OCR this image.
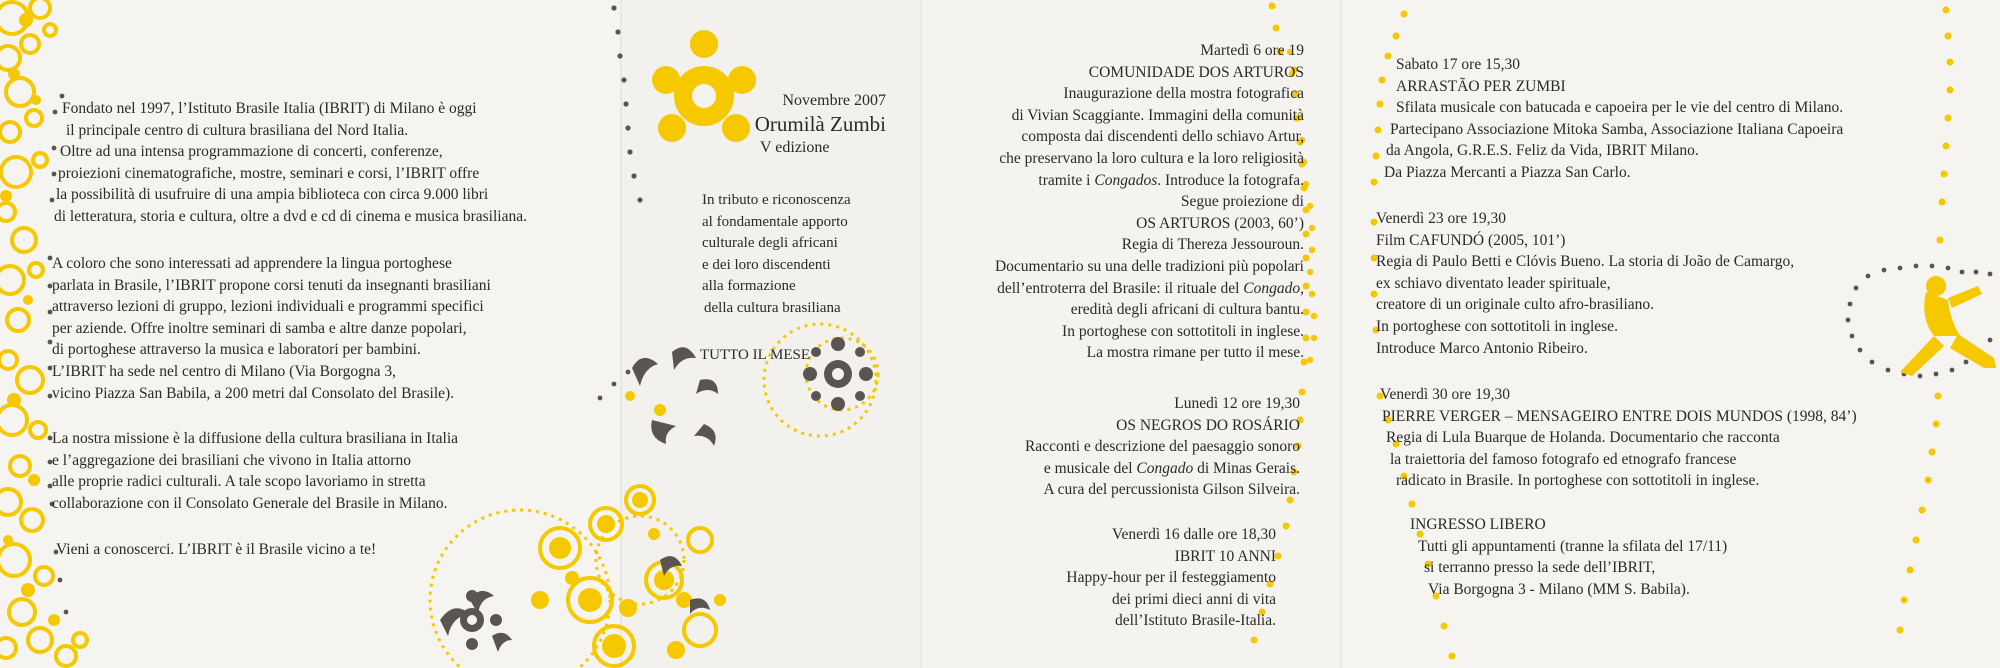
Fondato nel 1997, l’Istituto Brasile Italia (IBRIT) di Milano è oggi
il principale centro di cultura brasiliana del Nord Italia.
Oltre ad una intensa programmazione di concerti, conferenze,
proiezioni cinematografiche, mostre, seminari e corsi, l’IBRIT offre
la possibilità di usufruire di una ampia biblioteca con circa 9.000 libri
di letteratura, storia e cultura, oltre a dvd e cd di cinema e musica brasiliana.
A coloro che sono interessati ad apprendere la lingua portoghese
parlata in Brasile, l’IBRIT propone corsi tenuti da insegnanti brasiliani
attraverso lezioni di gruppo, lezioni individuali e programmi specifici
per aziende. Offre inoltre seminari di samba e altre danze popolari,
di portoghese attraverso la musica e laboratori per bambini.
L’IBRIT ha sede nel centro di Milano (Via Borgogna 3,
vicino Piazza San Babila, a 200 metri dal Consolato del Brasile).
La nostra missione è la diffusione della cultura brasiliana in Italia
e l’aggregazione dei brasiliani che vivono in Italia attorno
alle proprie radici culturali. A tale scopo lavoriamo in stretta
collaborazione con il Consolato Generale del Brasile in Milano.
Vieni a conoscerci. L’IBRIT è il Brasile vicino a te!
Novembre 2007
Orumilà Zumbi
V edizione
In tributo e riconoscenza
al fondamentale apporto
culturale degli africani
e dei loro discendenti
alla formazione
della cultura brasiliana
TUTTO IL MESE
Martedì 6 ore 19
COMUNIDADE DOS ARTUROS
Inaugurazione della mostra fotografica
di Vivian Scaggiante. Immagini della comunità
composta dai discendenti dello schiavo Artur,
che preservano la loro cultura e la loro religiosità
tramite i Congados. Introduce la fotografa.
Segue proiezione di
OS ARTUROS (2003, 60’)
Regia di Thereza Jessouroun.
Documentario su una delle tradizioni più popolari
dell’entroterra del Brasile: il rituale del Congado,
eredità degli africani di cultura bantu.
In portoghese con sottotitoli in inglese.
La mostra rimane per tutto il mese.
Lunedì 12 ore 19,30
OS NEGROS DO ROSÁRIO
Racconti e descrizione del paesaggio sonoro
e musicale del Congado di Minas Gerais.
A cura del percussionista Gilson Silveira.
Venerdì 16 dalle ore 18,30
IBRIT 10 ANNI
Happy-hour per il festeggiamento
dei primi dieci anni di vita
dell’Istituto Brasile-Italia.
Sabato 17 ore 15,30
ARRASTÃO PER ZUMBI
Sfilata musicale con batucada e capoeira per le vie del centro di Milano.
Partecipano Associazione Mitoka Samba, Associazione Italiana Capoeira
da Angola, G.R.E.S. Feliz da Vida, IBRIT Milano.
Da Piazza Mercanti a Piazza San Carlo.
Venerdì 23 ore 19,30
Film CAFUNDÓ (2005, 101’)
Regia di Paulo Betti e Clóvis Bueno. La storia di João de Camargo,
ex schiavo diventato leader spirituale,
creatore di un originale culto afro-brasiliano.
In portoghese con sottotitoli in inglese.
Introduce Marco Antonio Ribeiro.
Venerdì 30 ore 19,30
PIERRE VERGER – MENSAGEIRO ENTRE DOIS MUNDOS (1998, 84’)
Regia di Lula Buarque de Holanda. Documentario che racconta
la traiettoria del famoso fotografo ed etnografo francese
radicato in Brasile. In portoghese con sottotitoli in inglese.
INGRESSO LIBERO
Tutti gli appuntamenti (tranne la sfilata del 17/11)
si terranno presso la sede dell’IBRIT,
Via Borgogna 3 - Milano (MM S. Babila).
